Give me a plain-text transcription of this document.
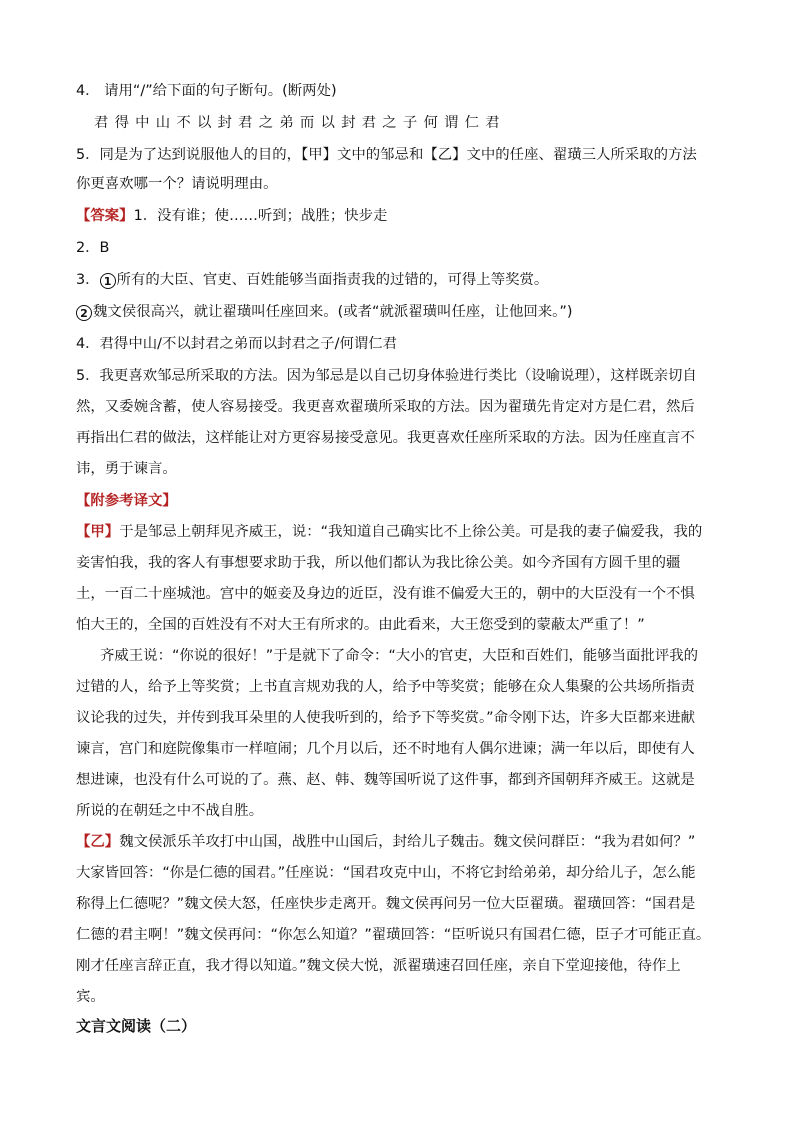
4． 请用“/”给下面的句子断句。(断两处)
君得中山不以封君之弟而以封君之子何谓仁君
5．同是为了达到说服他人的目的，【甲】文中的邹忌和【乙】文中的任座、翟璜三人所采取的方法
你更喜欢哪一个？请说明理由。
【答案】1．没有谁；使……听到；战胜；快步走
2．B
3． 1 所有的大臣、官吏、百姓能够当面指责我的过错的，可得上等奖赏。
2 魏文侯很高兴，就让翟璜叫任座回来。(或者“就派翟璜叫任座，让他回来。”)
4．君得中山/不以封君之弟而以封君之子/何谓仁君
5．我更喜欢邹忌所采取的方法。因为邹忌是以自己切身体验进行类比（设喻说理），这样既亲切自
然，又委婉含蓄，使人容易接受。我更喜欢翟璜所采取的方法。因为翟璜先肯定对方是仁君，然后
再指出仁君的做法，这样能让对方更容易接受意见。我更喜欢任座所采取的方法。因为任座直言不
讳，勇于谏言。
【附参考译文】
【甲】于是邹忌上朝拜见齐威王，说：“我知道自己确实比不上徐公美。可是我的妻子偏爱我，我的
妾害怕我，我的客人有事想要求助于我，所以他们都认为我比徐公美。如今齐国有方圆千里的疆
土，一百二十座城池。宫中的姬妾及身边的近臣，没有谁不偏爱大王的，朝中的大臣没有一个不惧
怕大王的，全国的百姓没有不对大王有所求的。由此看来，大王您受到的蒙蔽太严重了！”
齐威王说：“你说的很好！”于是就下了命令：“大小的官吏，大臣和百姓们，能够当面批评我的
过错的人，给予上等奖赏；上书直言规劝我的人，给予中等奖赏；能够在众人集聚的公共场所指责
议论我的过失，并传到我耳朵里的人使我听到的，给予下等奖赏。”命令刚下达，许多大臣都来进献
谏言，宫门和庭院像集市一样喧闹；几个月以后，还不时地有人偶尔进谏；满一年以后，即使有人
想进谏，也没有什么可说的了。燕、赵、韩、魏等国听说了这件事，都到齐国朝拜齐威王。这就是
所说的在朝廷之中不战自胜。
【乙】魏文侯派乐羊攻打中山国，战胜中山国后，封给儿子魏击。魏文侯问群臣：“我为君如何？”
大家皆回答：“你是仁德的国君。”任座说：“国君攻克中山，不将它封给弟弟，却分给儿子，怎么能
称得上仁德呢？”魏文侯大怒，任座快步走离开。魏文侯再问另一位大臣翟璜。翟璜回答：“国君是
仁德的君主啊！”魏文侯再问：“你怎么知道？”翟璜回答：“臣听说只有国君仁德，臣子才可能正直。
刚才任座言辞正直，我才得以知道。”魏文侯大悦，派翟璜速召回任座，亲自下堂迎接他，待作上
宾。
文言文阅读（二）
